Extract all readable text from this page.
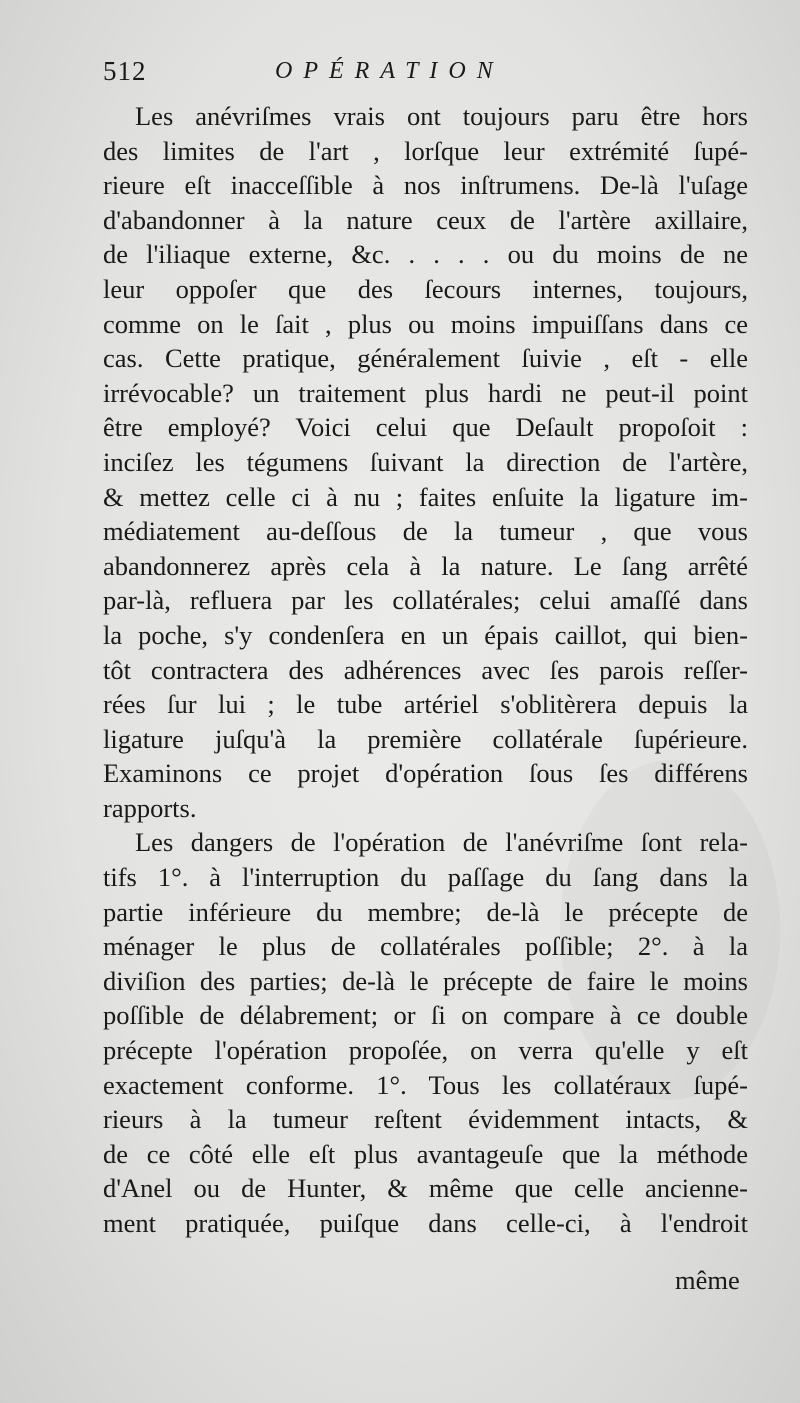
512	OPÉRATION
Les anévriſmes vrais ont toujours paru être hors
des limites de l'art , lorſque leur extrémité ſupé-
rieure eſt inacceſſible à nos inſtrumens. De-là l'uſage
d'abandonner à la nature ceux de l'artère axillaire,
de l'iliaque externe, &c. . . . . ou du moins de ne
leur oppoſer que des ſecours internes, toujours,
comme on le ſait , plus ou moins impuiſſans dans ce
cas. Cette pratique, généralement ſuivie , eſt - elle
irrévocable? un traitement plus hardi ne peut-il point
être employé? Voici celui que Deſault propoſoit :
inciſez les tégumens ſuivant la direction de l'artère,
& mettez celle ci à nu ; faites enſuite la ligature im-
médiatement au-deſſous de la tumeur , que vous
abandonnerez après cela à la nature. Le ſang arrêté
par-là, refluera par les collatérales; celui amaſſé dans
la poche, s'y condenſera en un épais caillot, qui bien-
tôt contractera des adhérences avec ſes parois reſſer-
rées ſur lui ; le tube artériel s'oblitèrera depuis la
ligature juſqu'à la première collatérale ſupérieure.
Examinons ce projet d'opération ſous ſes différens
rapports.
Les dangers de l'opération de l'anévriſme ſont rela-
tifs 1°. à l'interruption du paſſage du ſang dans la
partie inférieure du membre; de-là le précepte de
ménager le plus de collatérales poſſible; 2°. à la
diviſion des parties; de-là le précepte de faire le moins
poſſible de délabrement; or ſi on compare à ce double
précepte l'opération propoſée, on verra qu'elle y eſt
exactement conforme. 1°. Tous les collatéraux ſupé-
rieurs à la tumeur reſtent évidemment intacts, &
de ce côté elle eſt plus avantageuſe que la méthode
d'Anel ou de Hunter, & même que celle ancienne-
ment pratiquée, puiſque dans celle-ci, à l'endroit
même
